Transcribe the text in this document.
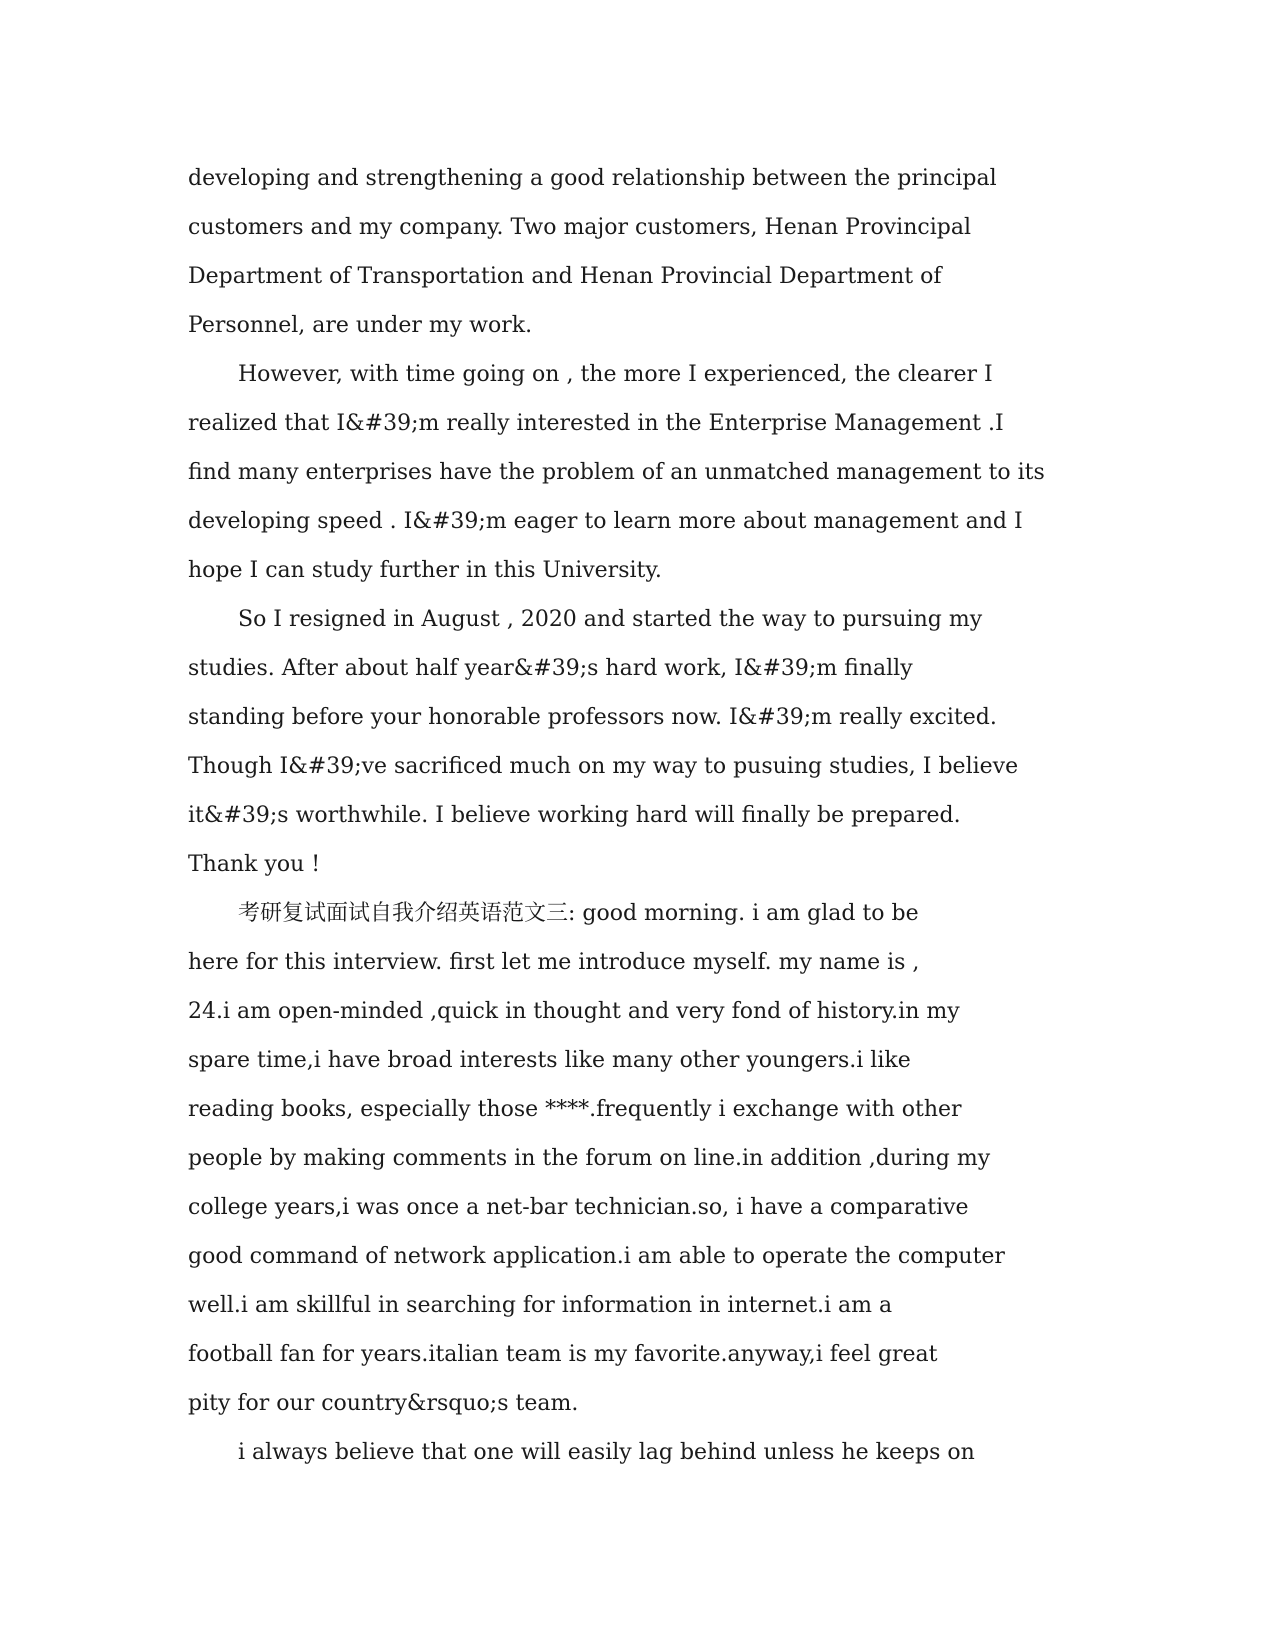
developing and strengthening a good relationship between the principal
customers and my company. Two major customers, Henan Provincipal
Department of Transportation and Henan Provincial Department of
Personnel, are under my work.
However, with time going on , the more I experienced, the clearer I
realized that I&#39;m really interested in the Enterprise Management .I
find many enterprises have the problem of an unmatched management to its
developing speed . I&#39;m eager to learn more about management and I
hope I can study further in this University.
So I resigned in August , 2020 and started the way to pursuing my
studies. After about half year&#39;s hard work, I&#39;m finally
standing before your honorable professors now. I&#39;m really excited.
Though I&#39;ve sacrificed much on my way to pusuing studies, I believe
it&#39;s worthwhile. I believe working hard will finally be prepared.
Thank you !
考研复试面试自我介绍英语范文三: good morning. i am glad to be
here for this interview. first let me introduce myself. my name is ,
24.i am open-minded ,quick in thought and very fond of history.in my
spare time,i have broad interests like many other youngers.i like
reading books, especially those ****.frequently i exchange with other
people by making comments in the forum on line.in addition ,during my
college years,i was once a net-bar technician.so, i have a comparative
good command of network application.i am able to operate the computer
well.i am skillful in searching for information in internet.i am a
football fan for years.italian team is my favorite.anyway,i feel great
pity for our country&rsquo;s team.
i always believe that one will easily lag behind unless he keeps on
